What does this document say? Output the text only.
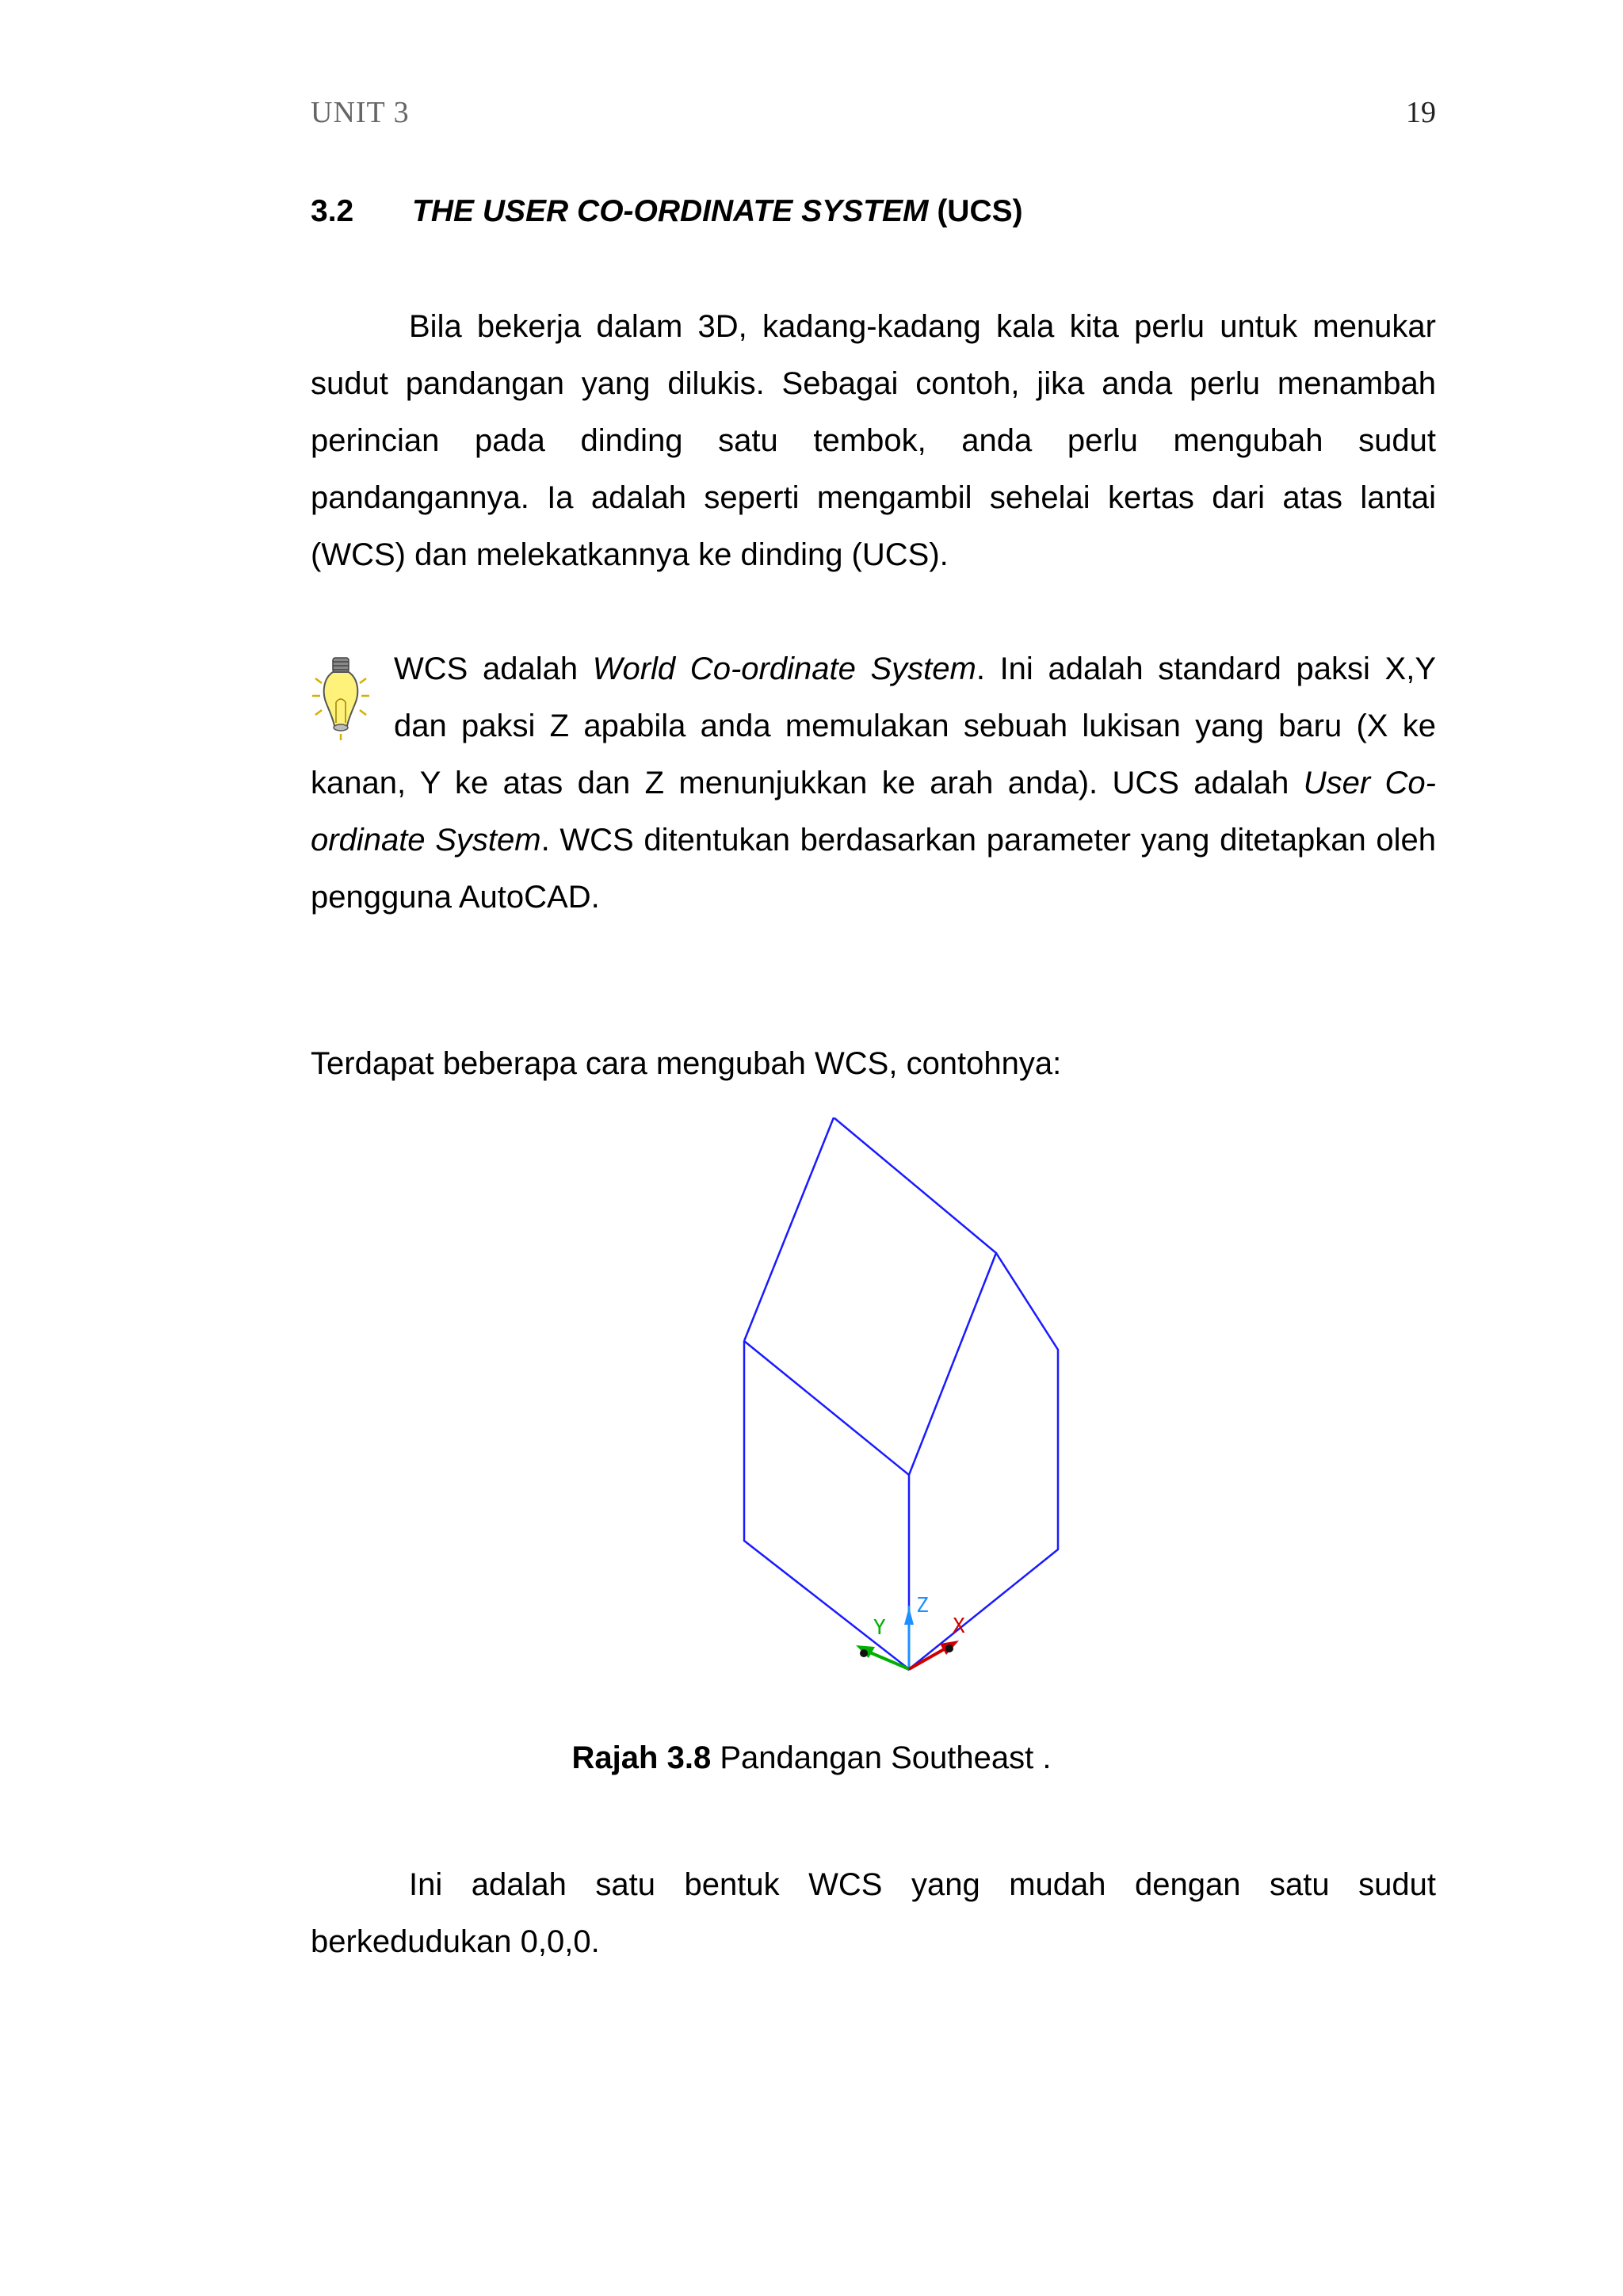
UNIT 3	19
3.2 THE USER CO-ORDINATE SYSTEM (UCS)

Bila bekerja dalam 3D, kadang-kadang kala kita perlu untuk menukar sudut pandangan yang dilukis. Sebagai contoh, jika anda perlu menambah perincian pada dinding satu tembok, anda perlu mengubah sudut pandangannya. Ia adalah seperti mengambil sehelai kertas dari atas lantai (WCS) dan melekatkannya ke dinding (UCS).

WCS adalah World Co-ordinate System. Ini adalah standard paksi X,Y dan paksi Z apabila anda memulakan sebuah lukisan yang baru (X ke kanan, Y ke atas dan Z menunjukkan ke arah anda). UCS adalah User Co-ordinate System. WCS ditentukan berdasarkan parameter yang ditetapkan oleh pengguna AutoCAD.

Terdapat beberapa cara mengubah WCS, contohnya:

Z
Y	X
Rajah 3.8 Pandangan Southeast .

Ini adalah satu bentuk WCS yang mudah dengan satu sudut berkedudukan 0,0,0.
